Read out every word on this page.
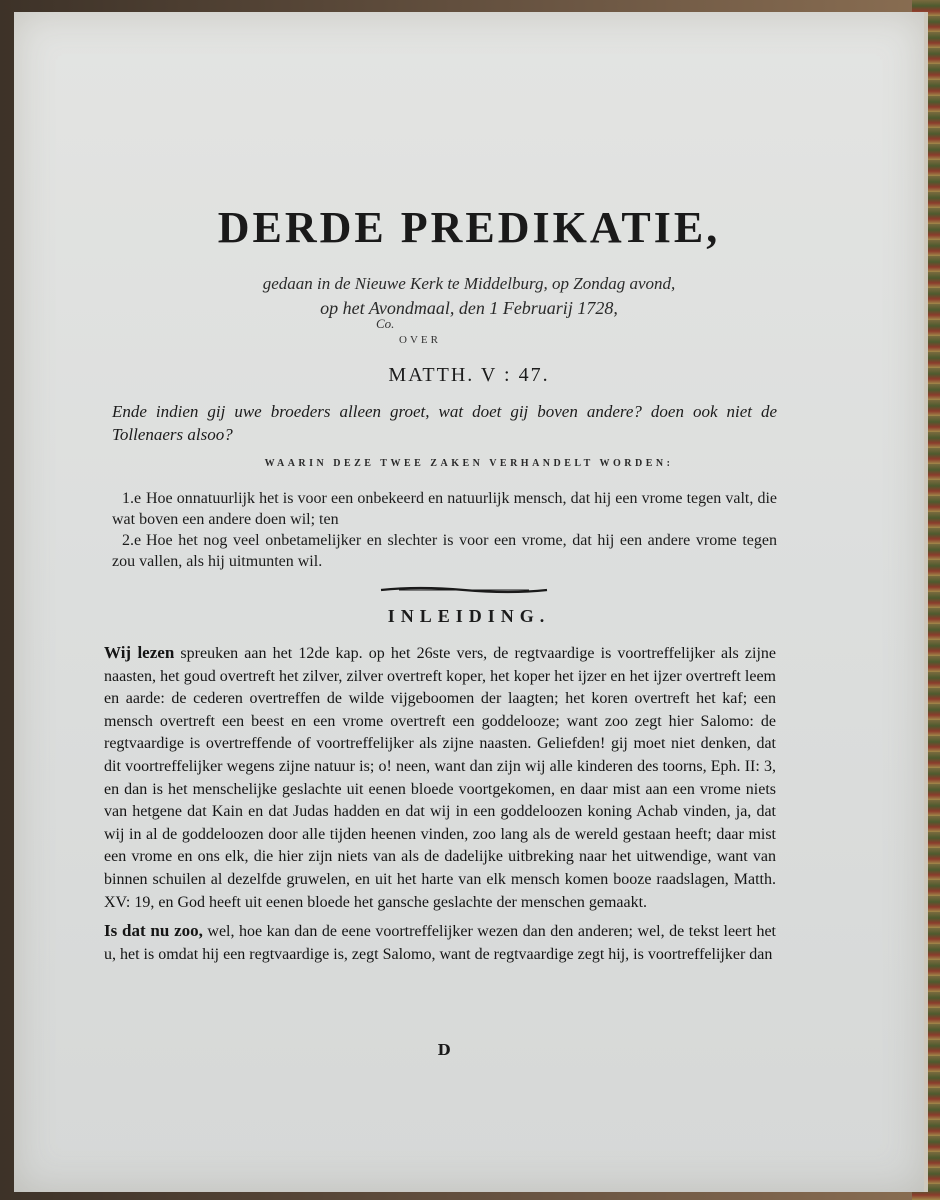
DERDE PREDIKATIE,
gedaan in de Nieuwe Kerk te Middelburg, op Zondag avond,
op het Avondmaal, den 1 Februarij 1728,
Co.
OVER
MATTH. V : 47.
Ende indien gij uwe broeders alleen groet, wat doet gij boven andere? doen ook niet de Tollenaers alsoo?
WAARIN DEZE TWEE ZAKEN VERHANDELT WORDEN:

1.e Hoe onnatuurlijk het is voor een onbekeerd en natuurlijk mensch, dat hij een vrome tegen valt, die wat boven een andere doen wil; ten

2.e Hoe het nog veel onbetamelijker en slechter is voor een vrome, dat hij een andere vrome tegen zou vallen, als hij uitmunten wil.

INLEIDING.

Wij lezen spreuken aan het 12de kap. op het 26ste vers, de regtvaardige is voortreffelijker als zijne naasten, het goud overtreft het zilver, zilver overtreft koper, het koper het ijzer en het ijzer overtreft leem en aarde: de cederen overtreffen de wilde vijgeboomen der laagten; het koren overtreft het kaf; een mensch overtreft een beest en een vrome overtreft een goddelooze; want zoo zegt hier Salomo: de regtvaardige is overtreffende of voortreffelijker als zijne naasten. Geliefden! gij moet niet denken, dat dit voortreffelijker wegens zijne natuur is; o! neen, want dan zijn wij alle kinderen des toorns, Eph. II: 3, en dan is het menschelijke geslachte uit eenen bloede voortgekomen, en daar mist aan een vrome niets van hetgene dat Kain en dat Judas hadden en dat wij in een goddeloozen koning Achab vinden, ja, dat wij in al de goddeloozen door alle tijden heenen vinden, zoo lang als de wereld gestaan heeft; daar mist een vrome en ons elk, die hier zijn niets van als de dadelijke uitbreking naar het uitwendige, want van binnen schuilen al dezelfde gruwelen, en uit het harte van elk mensch komen booze raadslagen, Matth. XV: 19, en God heeft uit eenen bloede het gansche geslachte der menschen gemaakt.

Is dat nu zoo, wel, hoe kan dan de eene voortreffelijker wezen dan den anderen; wel, de tekst leert het u, het is omdat hij een regtvaardige is, zegt Salomo, want de regtvaardige zegt hij, is voortreffelijker dan

D
